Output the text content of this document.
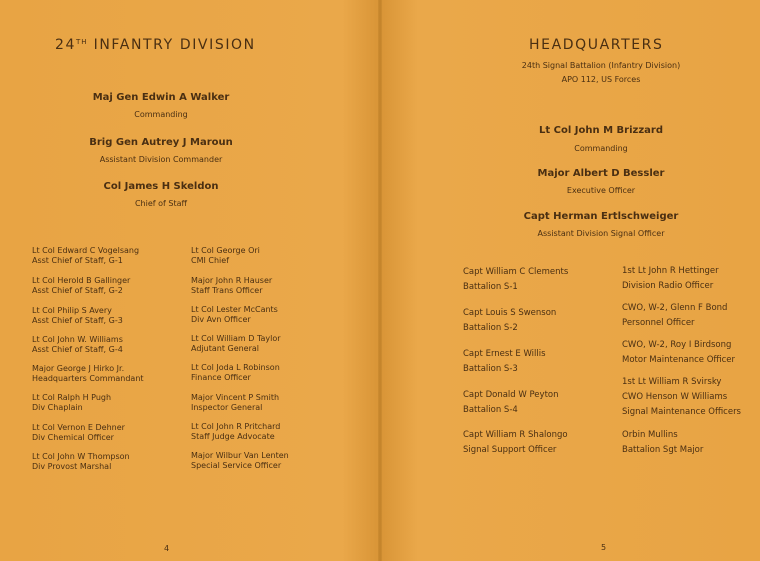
24TH INFANTRY DIVISION
Maj Gen Edwin A Walker
Commanding
Brig Gen Autrey J Maroun
Assistant Division Commander
Col James H Skeldon
Chief of Staff
Lt Col Edward C Vogelsang
Asst Chief of Staff, G-1
Lt Col Herold B Gallinger
Asst Chief of Staff, G-2
Lt Col Philip S Avery
Asst Chief of Staff, G-3
Lt Col John W. Williams
Asst Chief of Staff, G-4
Major George J Hirko Jr.
Headquarters Commandant
Lt Col Ralph H Pugh
Div Chaplain
Lt Col Vernon E Dehner
Div Chemical Officer
Lt Col John W Thompson
Div Provost Marshal
Lt Col George Ori
CMI Chief
Major John R Hauser
Staff Trans Officer
Lt Col Lester McCants
Div Avn Officer
Lt Col William D Taylor
Adjutant General
Lt Col Joda L Robinson
Finance Officer
Major Vincent P Smith
Inspector General
Lt Col John R Pritchard
Staff Judge Advocate
Major Wilbur Van Lenten
Special Service Officer
4
HEADQUARTERS
24th Signal Battalion (Infantry Division)
APO 112, US Forces
Lt Col John M Brizzard
Commanding
Major Albert D Bessler
Executive Officer
Capt Herman Ertlschweiger
Assistant Division Signal Officer
Capt William C Clements
Battalion S-1
Capt Louis S Swenson
Battalion S-2
Capt Ernest E Willis
Battalion S-3
Capt Donald W Peyton
Battalion S-4
Capt William R Shalongo
Signal Support Officer
1st Lt John R Hettinger
Division Radio Officer
CWO, W-2, Glenn F Bond
Personnel Officer
CWO, W-2, Roy I Birdsong
Motor Maintenance Officer
1st Lt William R Svirsky
CWO Henson W Williams
Signal Maintenance Officers
Orbin Mullins
Battalion Sgt Major
5
